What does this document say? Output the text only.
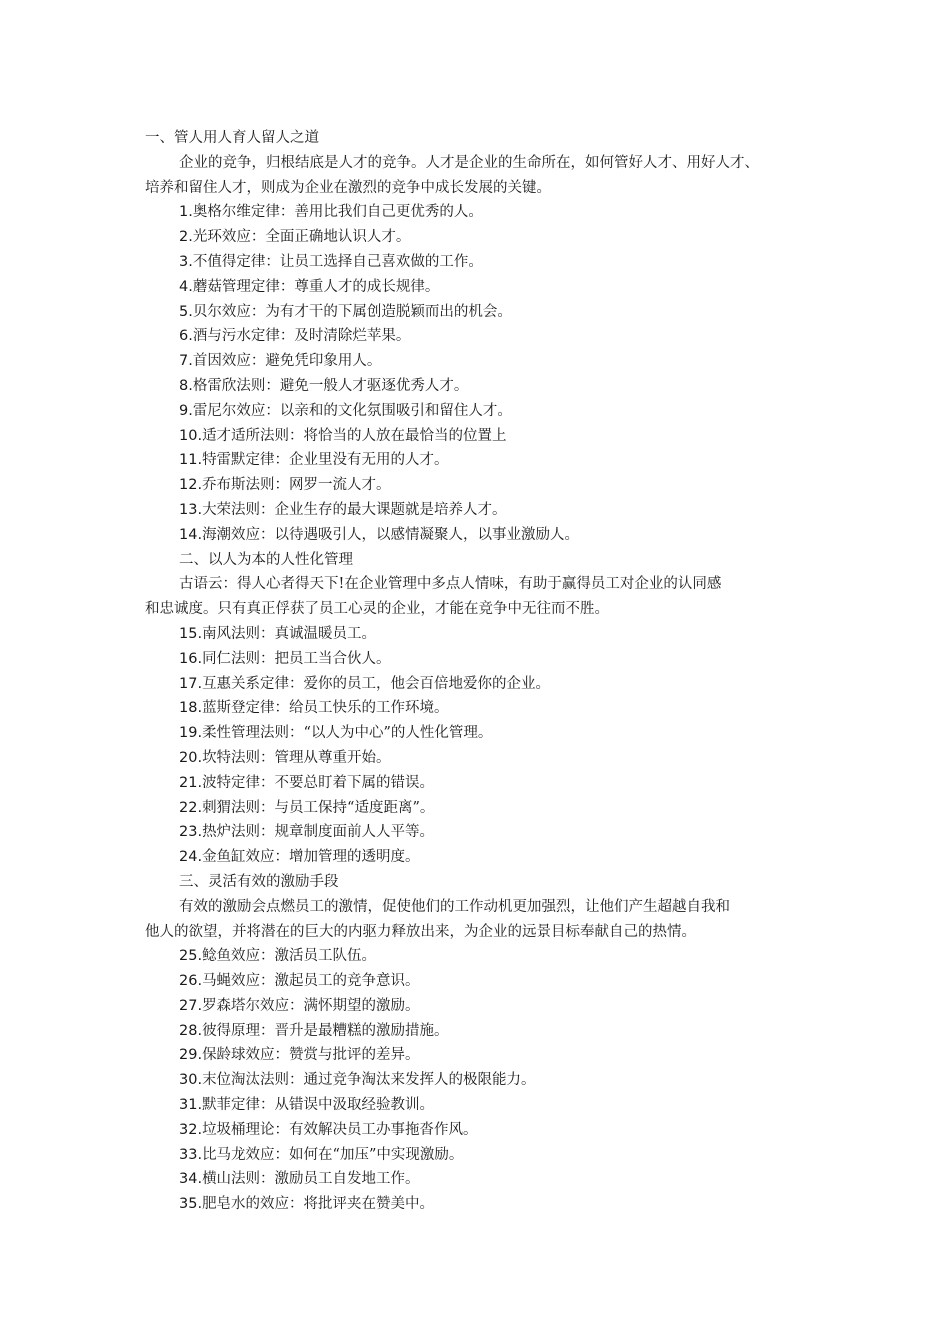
一、管人用人育人留人之道
企业的竞争，归根结底是人才的竞争。人才是企业的生命所在，如何管好人才、用好人才、
培养和留住人才，则成为企业在激烈的竞争中成长发展的关键。
1.奥格尔维定律：善用比我们自己更优秀的人。
2.光环效应：全面正确地认识人才。
3.不值得定律：让员工选择自己喜欢做的工作。
4.蘑菇管理定律：尊重人才的成长规律。
5.贝尔效应：为有才干的下属创造脱颖而出的机会。
6.酒与污水定律：及时清除烂苹果。
7.首因效应：避免凭印象用人。
8.格雷欣法则：避免一般人才驱逐优秀人才。
9.雷尼尔效应：以亲和的文化氛围吸引和留住人才。
10.适才适所法则：将恰当的人放在最恰当的位置上
11.特雷默定律：企业里没有无用的人才。
12.乔布斯法则：网罗一流人才。
13.大荣法则：企业生存的最大课题就是培养人才。
14.海潮效应：以待遇吸引人，以感情凝聚人，以事业激励人。
二、以人为本的人性化管理
古语云：得人心者得天下!在企业管理中多点人情味，有助于赢得员工对企业的认同感
和忠诚度。只有真正俘获了员工心灵的企业，才能在竞争中无往而不胜。
15.南风法则：真诚温暖员工。
16.同仁法则：把员工当合伙人。
17.互惠关系定律：爱你的员工，他会百倍地爱你的企业。
18.蓝斯登定律：给员工快乐的工作环境。
19.柔性管理法则：“以人为中心”的人性化管理。
20.坎特法则：管理从尊重开始。
21.波特定律：不要总盯着下属的错误。
22.刺猬法则：与员工保持“适度距离”。
23.热炉法则：规章制度面前人人平等。
24.金鱼缸效应：增加管理的透明度。
三、灵活有效的激励手段
有效的激励会点燃员工的激情，促使他们的工作动机更加强烈，让他们产生超越自我和
他人的欲望，并将潜在的巨大的内驱力释放出来，为企业的远景目标奉献自己的热情。
25.鲶鱼效应：激活员工队伍。
26.马蝇效应：激起员工的竞争意识。
27.罗森塔尔效应：满怀期望的激励。
28.彼得原理：晋升是最糟糕的激励措施。
29.保龄球效应：赞赏与批评的差异。
30.末位淘汰法则：通过竞争淘汰来发挥人的极限能力。
31.默菲定律：从错误中汲取经验教训。
32.垃圾桶理论：有效解决员工办事拖沓作风。
33.比马龙效应：如何在“加压”中实现激励。
34.横山法则：激励员工自发地工作。
35.肥皂水的效应：将批评夹在赞美中。
